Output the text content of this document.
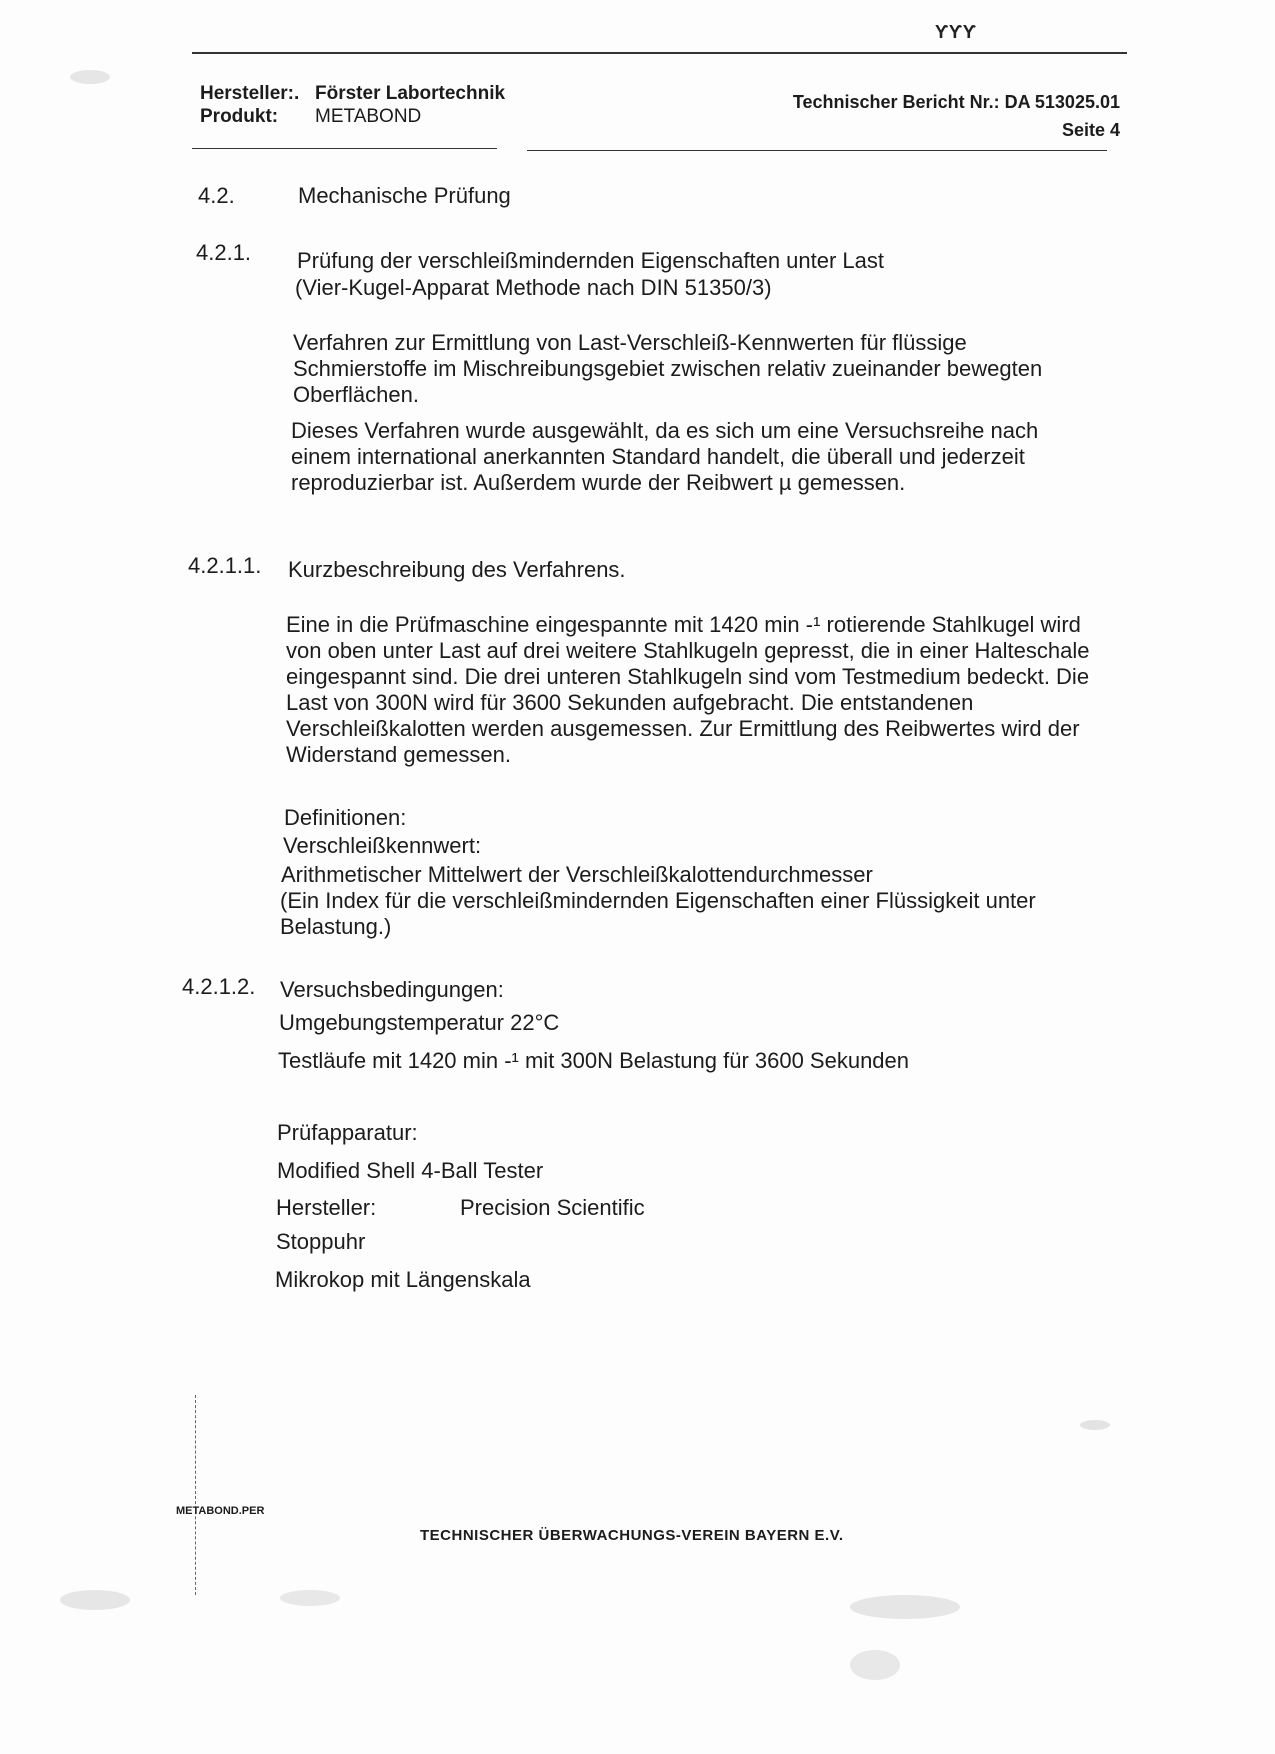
ƳƳƳ
Hersteller:. Förster Labortechnik
Produkt: METABOND
Technischer Bericht Nr.: DA 513025.01
Seite 4
4.2.	Mechanische Prüfung
4.2.1. Prüfung der verschleißmindernden Eigenschaften unter Last
(Vier-Kugel-Apparat Methode nach DIN 51350/3)
Verfahren zur Ermittlung von Last-Verschleiß-Kennwerten für flüssige Schmierstoffe im Mischreibungsgebiet zwischen relativ zueinander bewegten Oberflächen.
Dieses Verfahren wurde ausgewählt, da es sich um eine Versuchsreihe nach einem international anerkannten Standard handelt, die überall und jederzeit reproduzierbar ist. Außerdem wurde der Reibwert µ gemessen.
4.2.1.1. Kurzbeschreibung des Verfahrens.
Eine in die Prüfmaschine eingespannte mit 1420 min -¹ rotierende Stahlkugel wird von oben unter Last auf drei weitere Stahlkugeln gepresst, die in einer Halteschale eingespannt sind. Die drei unteren Stahlkugeln sind vom Testmedium bedeckt. Die Last von 300N wird für 3600 Sekunden aufgebracht. Die entstandenen Verschleißkalotten werden ausgemessen. Zur Ermittlung des Reibwertes wird der Widerstand gemessen.
Definitionen:
Verschleißkennwert:
Arithmetischer Mittelwert der Verschleißkalottendurchmesser
(Ein Index für die verschleißmindernden Eigenschaften einer Flüssigkeit unter Belastung.)
4.2.1.2. Versuchsbedingungen:
Umgebungstemperatur 22°C
Testläufe mit 1420 min -¹ mit 300N Belastung für 3600 Sekunden
Prüfapparatur:
Modified Shell 4-Ball Tester
Hersteller:	Precision Scientific
Stoppuhr
Mikrokop mit Längenskala
METABOND.PER
TECHNISCHER ÜBERWACHUNGS-VEREIN BAYERN E.V.
